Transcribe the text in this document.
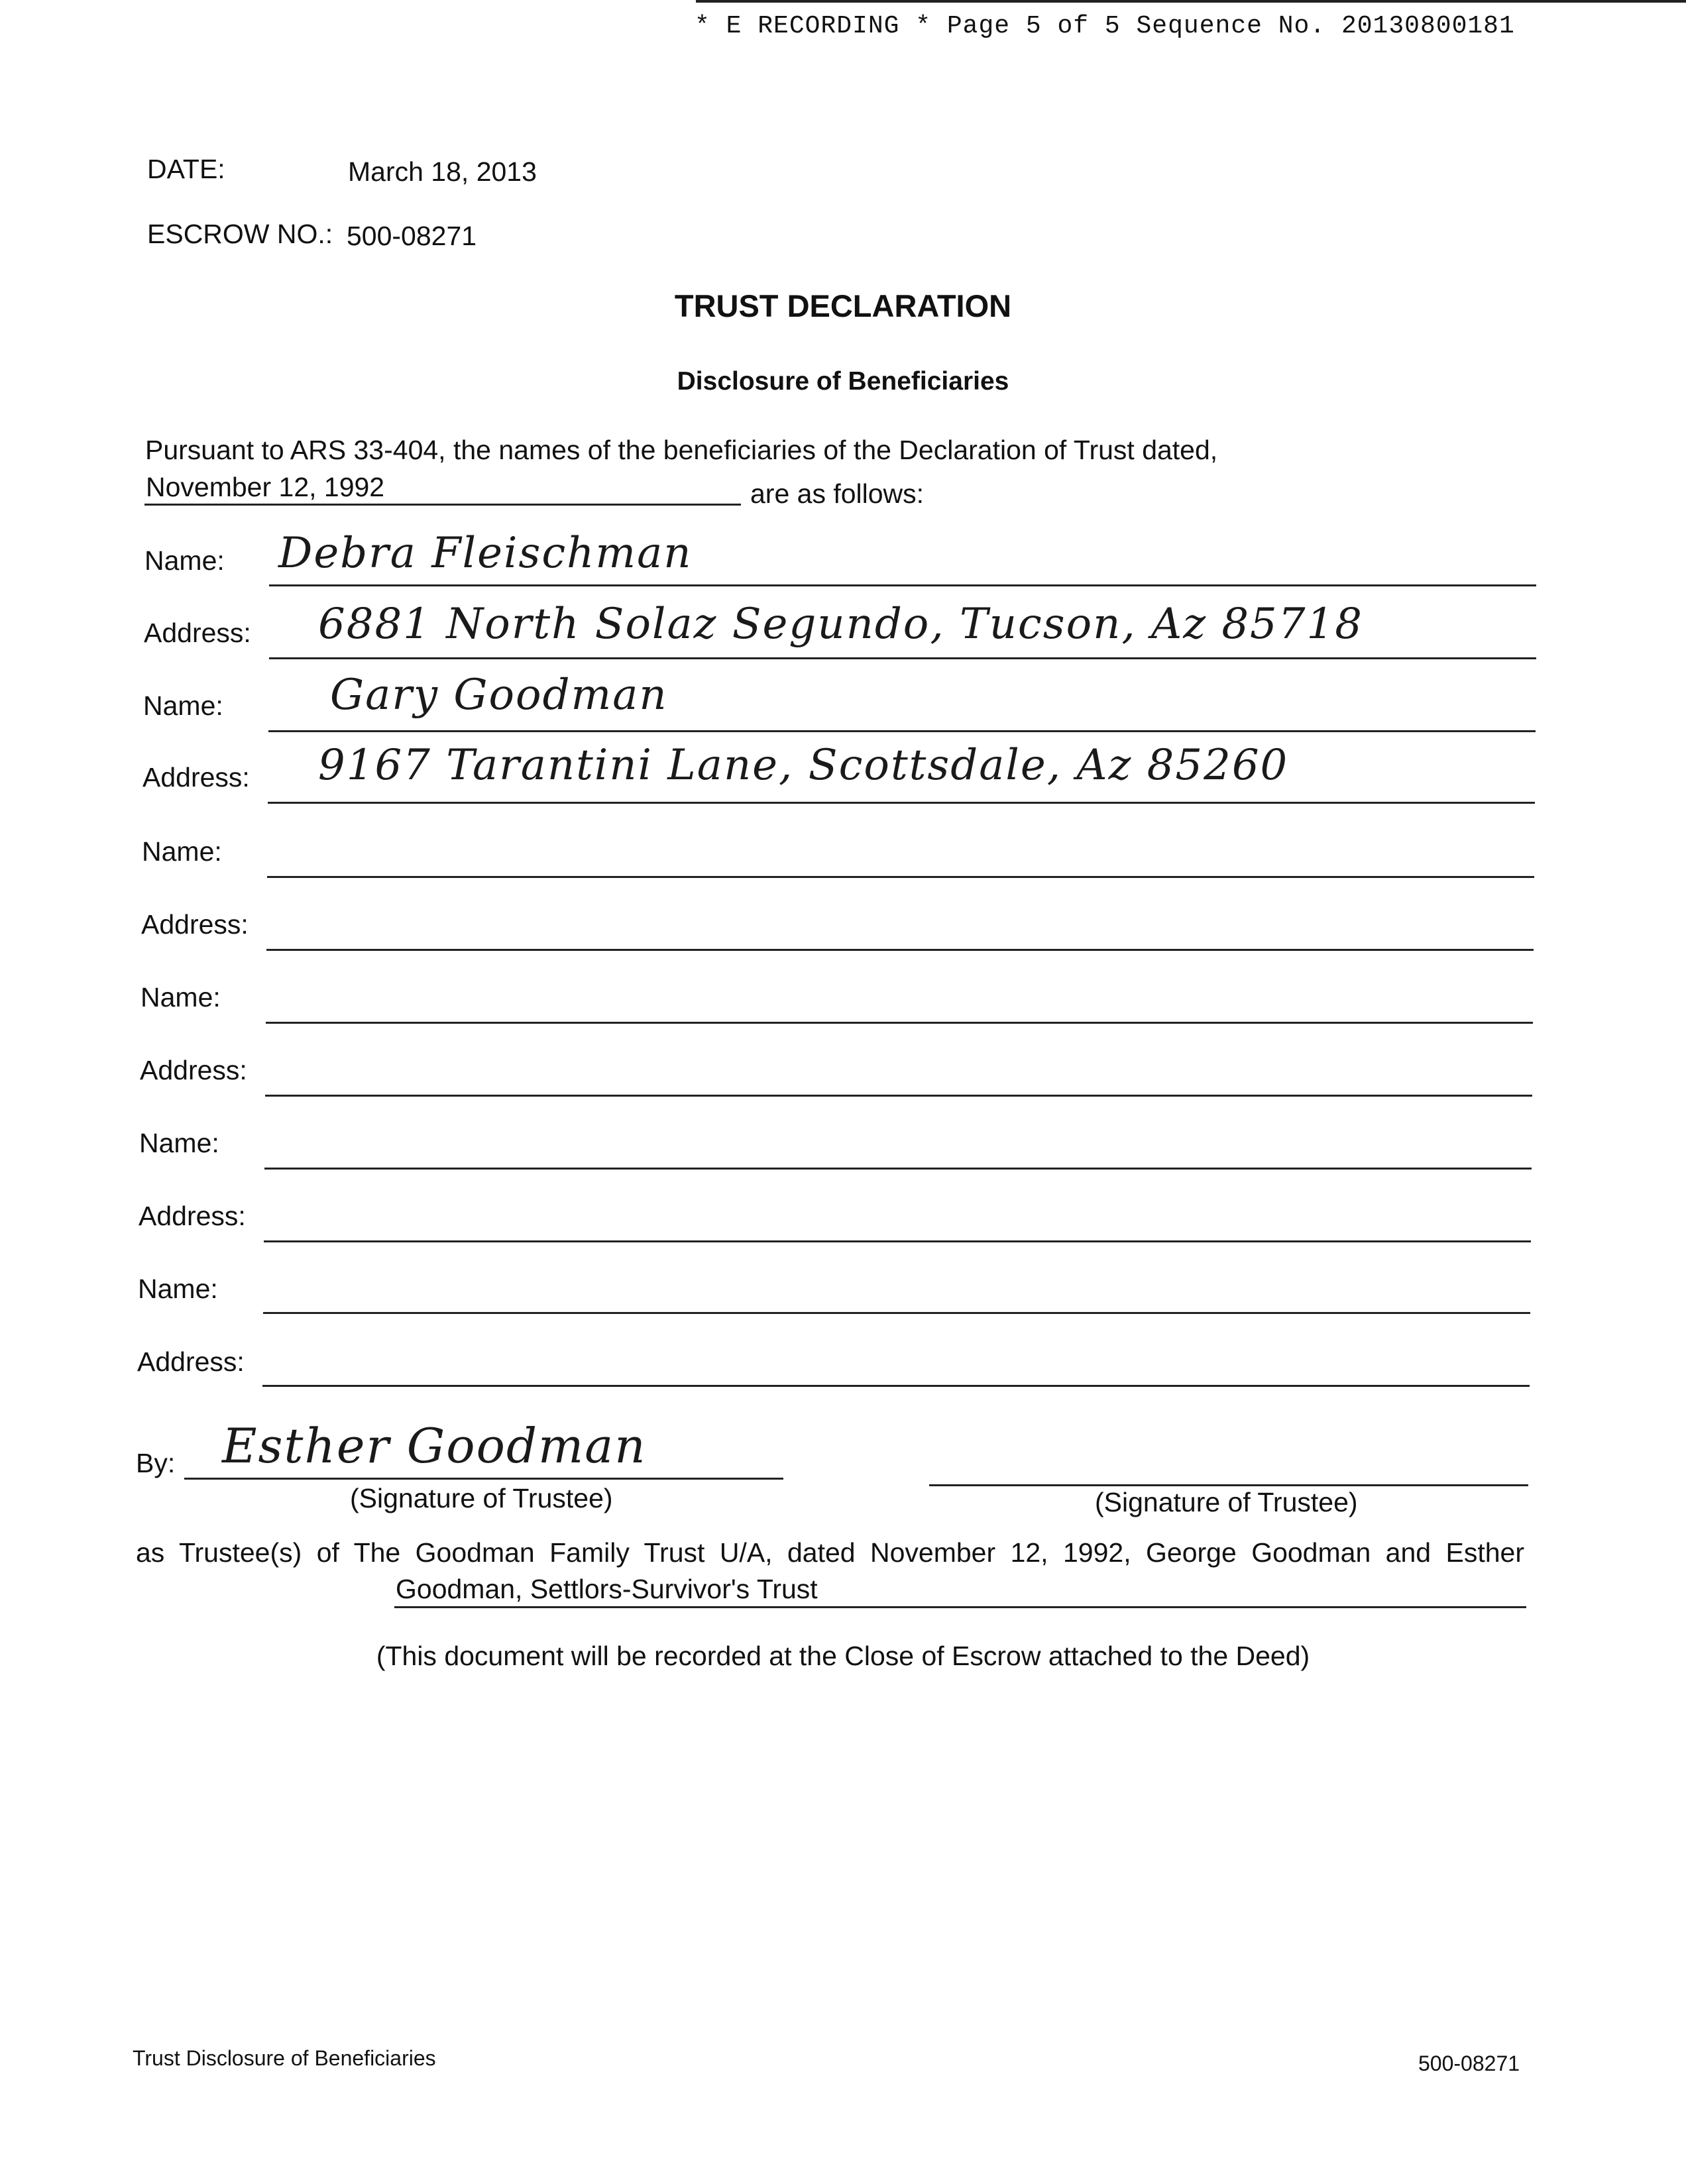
* E RECORDING * Page 5 of 5 Sequence No. 20130800181
DATE:	March 18, 2013
ESCROW NO.: 500-08271
TRUST DECLARATION
Disclosure of Beneficiaries
Pursuant to ARS 33-404, the names of the beneficiaries of the Declaration of Trust dated,
November 12, 1992	are as follows:
Name: Debra Fleischman
Address: 6881 North Solaz Segundo, Tucson, Az 85718
Name:	Gary Goodman
Address: 9167 Tarantini Lane, Scottsdale, Az 85260
Name:
Address:
Name:
Address:
Name:
Address:
Name:
Address:
By: Esther Goodman
(Signature of Trustee)	(Signature of Trustee)
as Trustee(s) of The Goodman Family Trust U/A, dated November 12, 1992, George Goodman and Esther
Goodman, Settlors-Survivor's Trust
(This document will be recorded at the Close of Escrow attached to the Deed)
Trust Disclosure of Beneficiaries	500-08271
